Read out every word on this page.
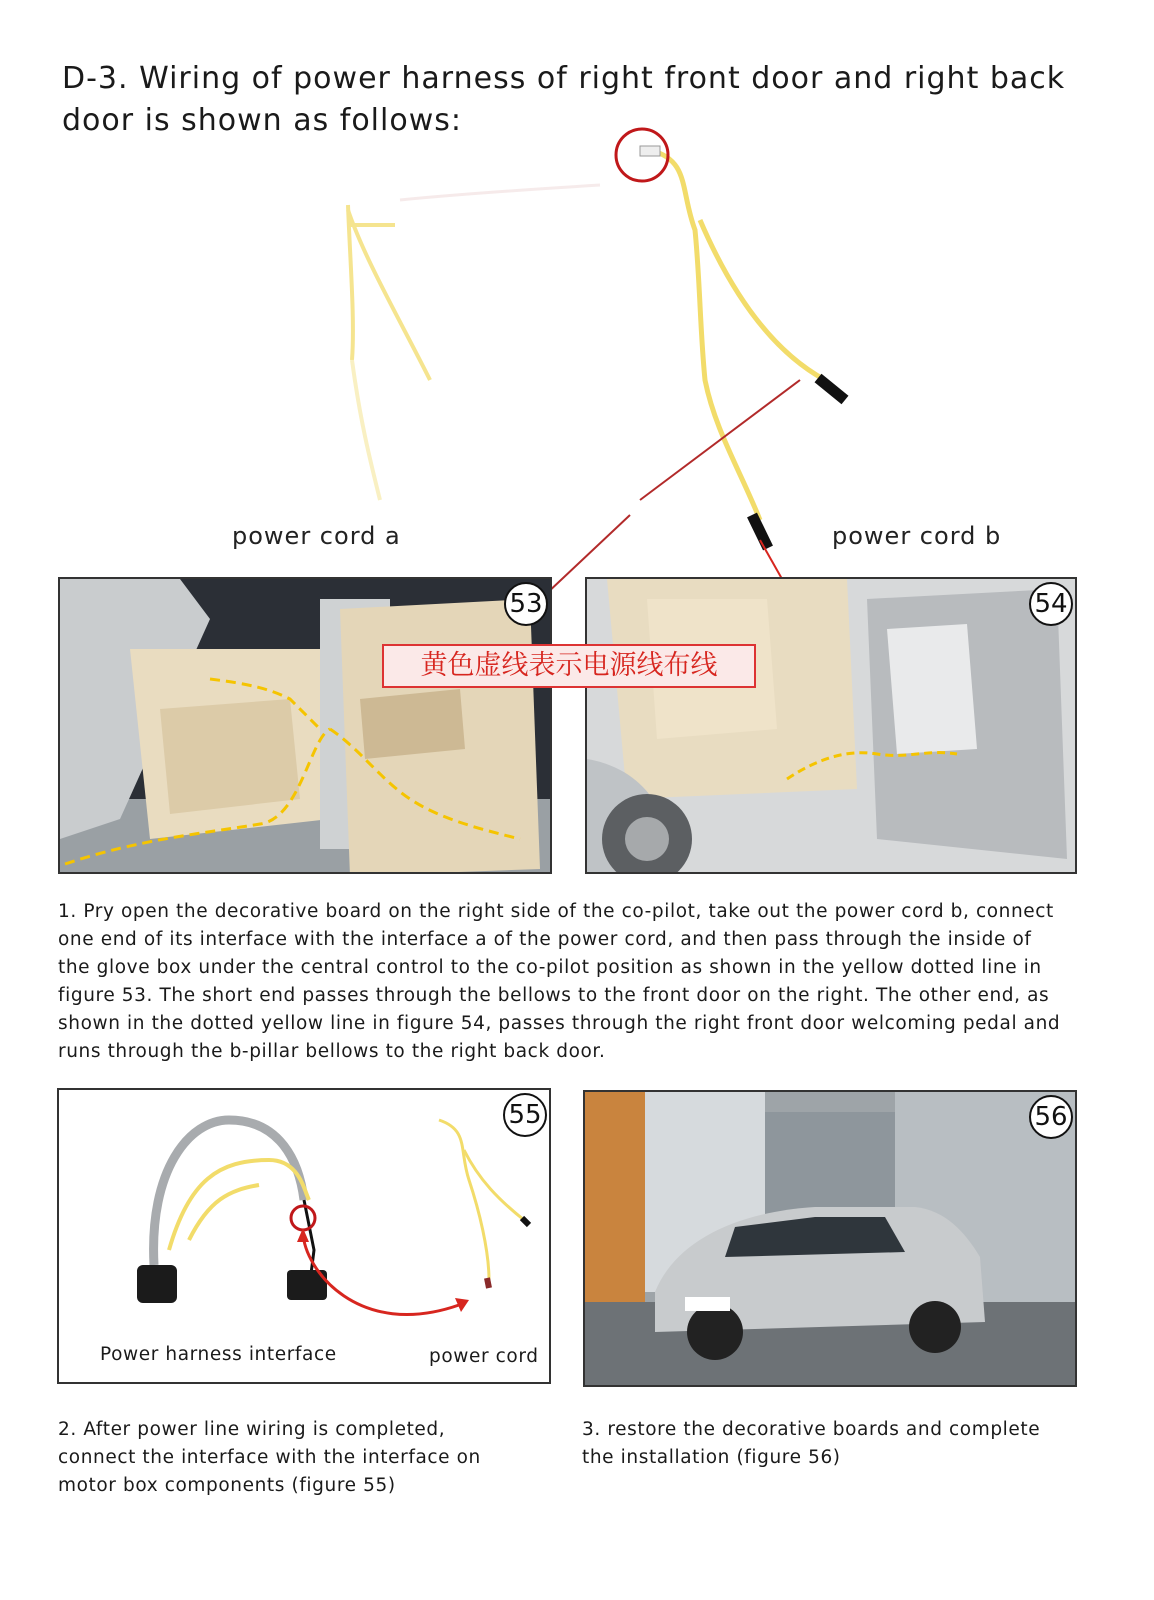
D-3. Wiring of power harness of right front door and right back door is shown as follows:
power cord a	power cord b
53	54
黄色虚线表示电源线布线
1. Pry open the decorative board on the right side of the co-pilot, take out the power cord b, connect one end of its interface with the interface a of the power cord, and then pass through the inside of the glove box under the central control to the co-pilot position as shown in the yellow dotted line in figure 53. The short end passes through the bellows to the front door on the right. The other end, as shown in the dotted yellow line in figure 54, passes through the right front door welcoming pedal and runs through the b-pillar bellows to the right back door.
55
Power harness interface	power cord
56
2. After power line wiring is completed, connect the interface with the interface on motor box components (figure 55)
3. restore the decorative boards and complete the installation (figure 56)
